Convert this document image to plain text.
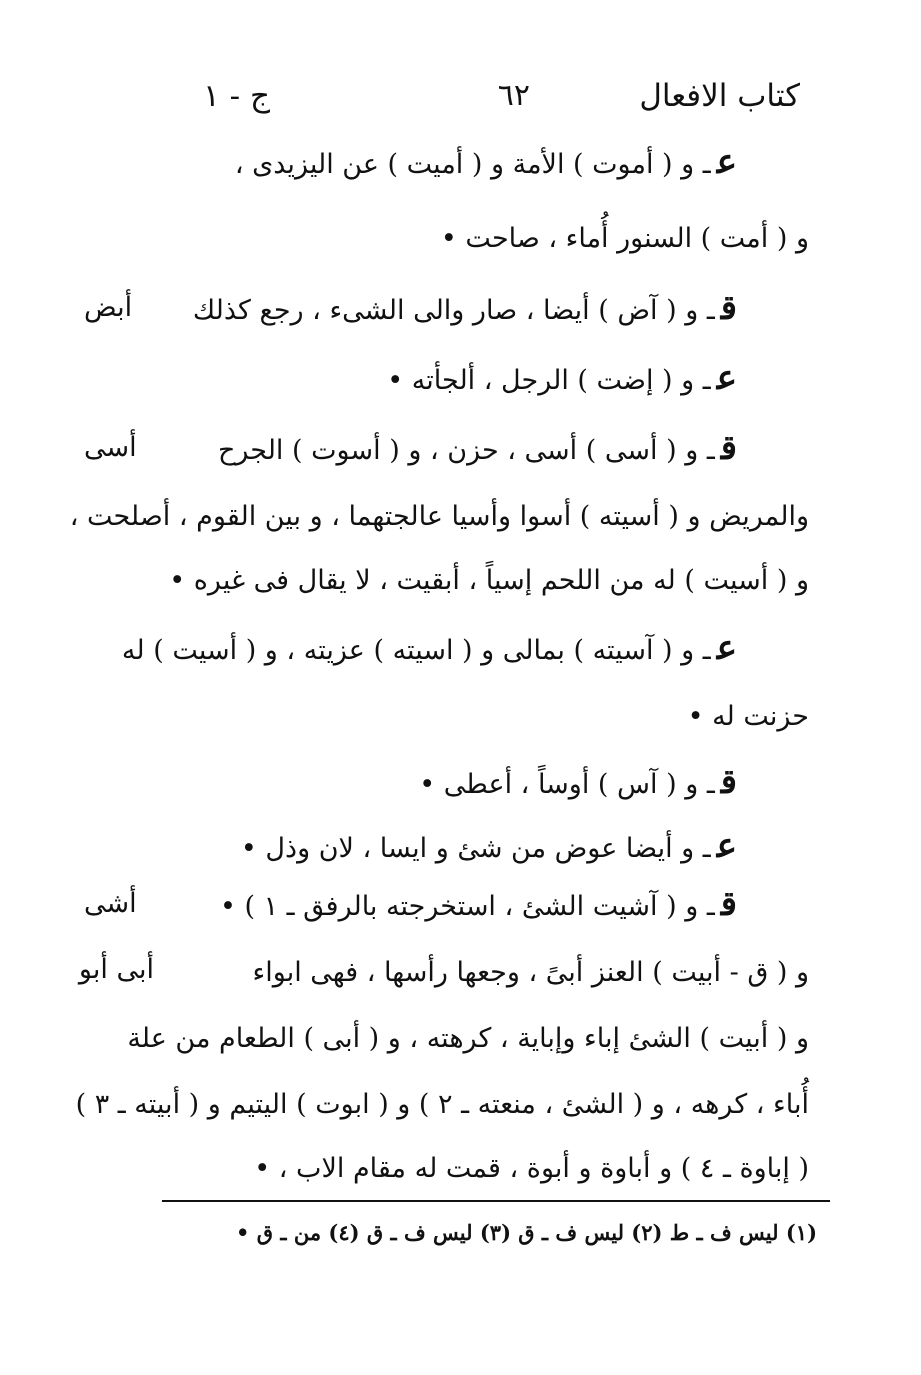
كتاب الافعال
٦٢
ج - ١
عـ و ( أموت ) الأمة و ( أميت ) عن اليزيدى ،
و ( أمت ) السنور أُماء ، صاحت •
قـ و ( آض ) أيضا ، صار والى الشىء ، رجع كذلك
أبض
عـ و ( إضت ) الرجل ، ألجأته •
قـ و ( أسى ) أسى ، حزن ، و ( أسوت ) الجرح
أسى
والمريض و ( أسيته ) أسوا وأسيا عالجتهما ، و بين القوم ، أصلحت ،
و ( أسيت ) له من اللحم إسياً ، أبقيت ، لا يقال فى غيره •
عـ و ( آسيته ) بمالى و ( اسيته ) عزيته ، و ( أسيت ) له
حزنت له •
قـ و ( آس ) أوساً ، أعطى •
عـ و أيضا عوض من شئ و ايسا ، لان وذل •
قـ و ( آشيت الشئ ، استخرجته بالرفق ـ ١ ) •
أشى
و ( ق - أبيت ) العنز أبىً ، وجعها رأسها ، فهى ابواء
أبى أبو
و ( أبيت ) الشئ إباء وإباية ، كرهته ، و ( أبى ) الطعام من علة
أُباء ، كرهه ، و ( الشئ ، منعته ـ ٢ ) و ( ابوت ) اليتيم و ( أبيته ـ ٣ )
( إباوة ـ ٤ ) و أباوة و أبوة ، قمت له مقام الاب ، •
(١) ليس ف ـ ط (٢) ليس ف ـ ق (٣) ليس ف ـ ق (٤) من ـ ق •
